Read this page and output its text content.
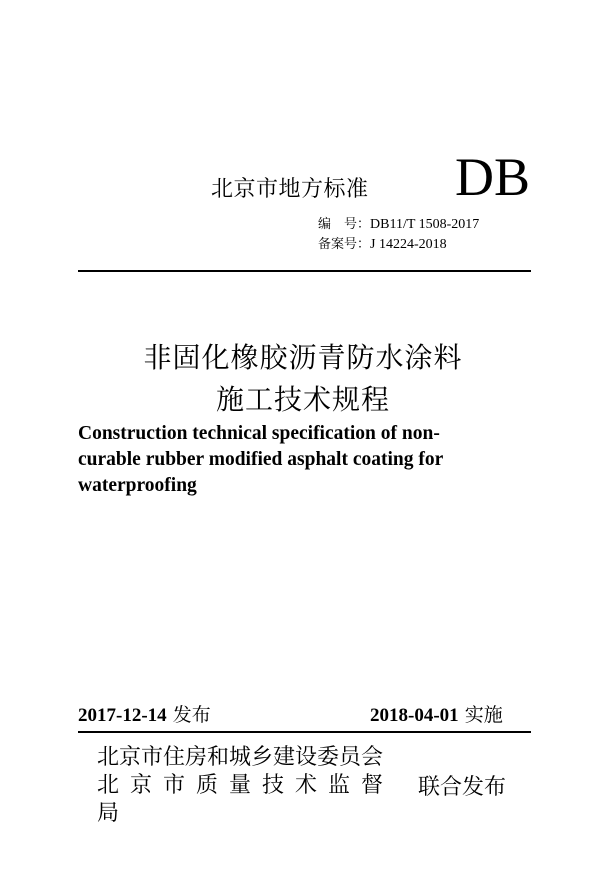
北京市地方标准 DB
编　号：DB11/T 1508-2017
备案号：J 14224-2018
非固化橡胶沥青防水涂料
施工技术规程
Construction technical specification of non-curable rubber modified asphalt coating for waterproofing
2017-12-14 发布	2018-04-01 实施
北京市住房和城乡建设委员会
北京市质量技术监督
局
联合发布
